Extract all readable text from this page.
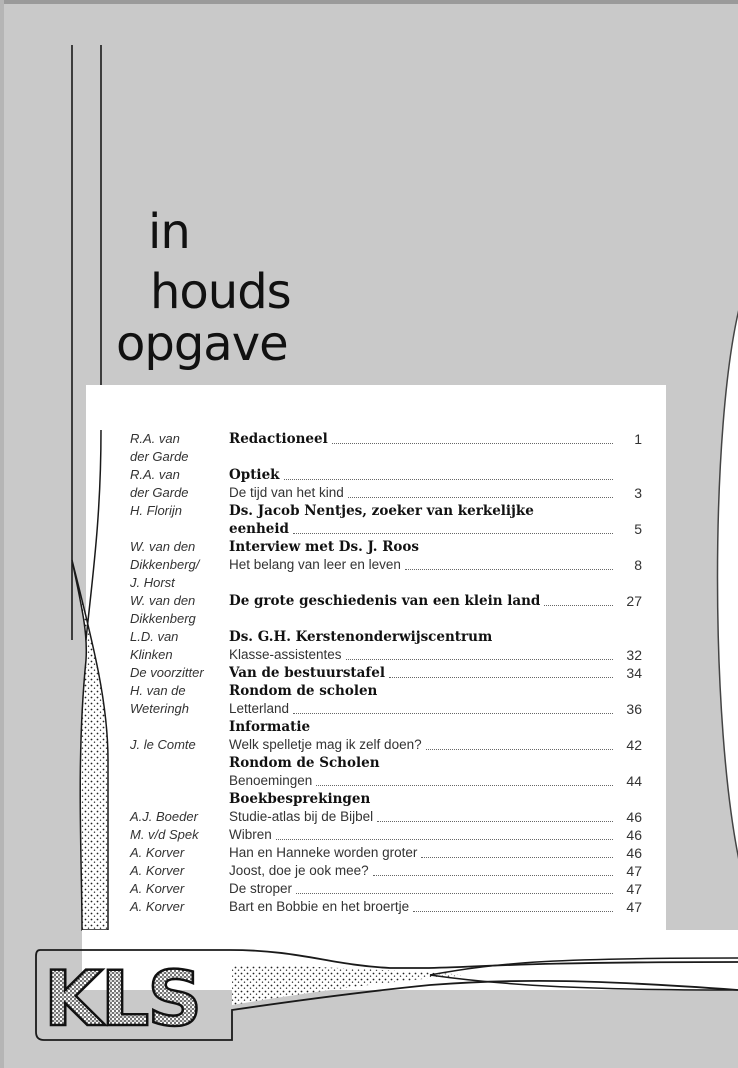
KLS
in
houds
opgave
R.A. van	Redactioneel	1
der Garde
R.A. van	Optiek
der Garde	De tijd van het kind	3
H. Florijn	Ds. Jacob Nentjes, zoeker van kerkelijke
eenheid	5
W. van den	Interview met Ds. J. Roos
Dikkenberg/	Het belang van leer en leven	8
J. Horst
W. van den	De grote geschiedenis van een klein land	27
Dikkenberg
L.D. van	Ds. G.H. Kerstenonderwijscentrum
Klinken	Klasse-assistentes	32
De voorzitter	Van de bestuurstafel	34
H. van de	Rondom de scholen
Weteringh	Letterland	36
Informatie
J. le Comte	Welk spelletje mag ik zelf doen?	42
Rondom de Scholen
Benoemingen	44
Boekbesprekingen
A.J. Boeder	Studie-atlas bij de Bijbel	46
M. v/d Spek	Wibren	46
A. Korver	Han en Hanneke worden groter	46
A. Korver	Joost, doe je ook mee?	47
A. Korver	De stroper	47
A. Korver	Bart en Bobbie en het broertje	47
